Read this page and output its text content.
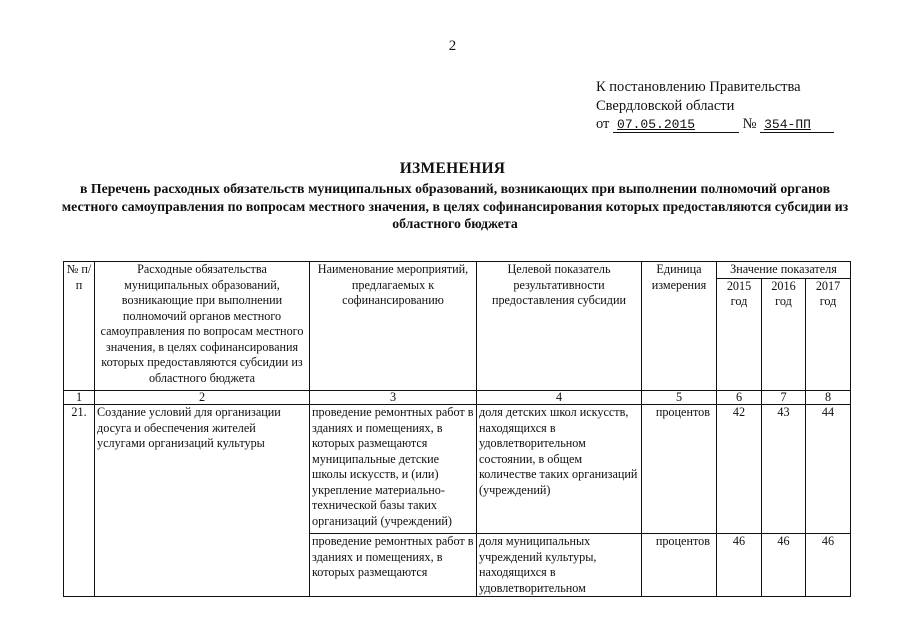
2
К постановлению Правительства
Свердловской области
от 07.05.2015	№ 354-ПП
ИЗМЕНЕНИЯ
в Перечень расходных обязательств муниципальных образований, возникающих при выполнении полномочий органов местного самоуправления по вопросам местного значения, в целях софинансирования которых предоставляются субсидии из областного бюджета
№ п/п	Расходные обязательства муниципальных образований, возникающие при выполнении полномочий органов местного самоуправления по вопросам местного значения, в целях софинансирования которых предоставляются субсидии из областного бюджета	Наименование мероприятий, предлагаемых к софинансированию	Целевой показатель результативности предоставления субсидии	Единица измерения	Значение показателя		
					2015 год	2016 год	2017 год
1	2	3	4	5	6	7	8
21.	Создание условий для организации досуга и обеспечения жителей услугами организаций культуры	проведение ремонтных работ в зданиях и помещениях, в которых размещаются муниципальные детские школы искусств, и (или) укрепление материально-технической базы таких организаций (учреждений)	доля детских школ искусств, находящихся в удовлетворительном состоянии, в общем количестве таких организаций (учреждений)	процентов	42	43	44
		проведение ремонтных работ в зданиях и помещениях, в которых размещаются	доля муниципальных учреждений культуры, находящихся в удовлетворительном	процентов	46	46	46
